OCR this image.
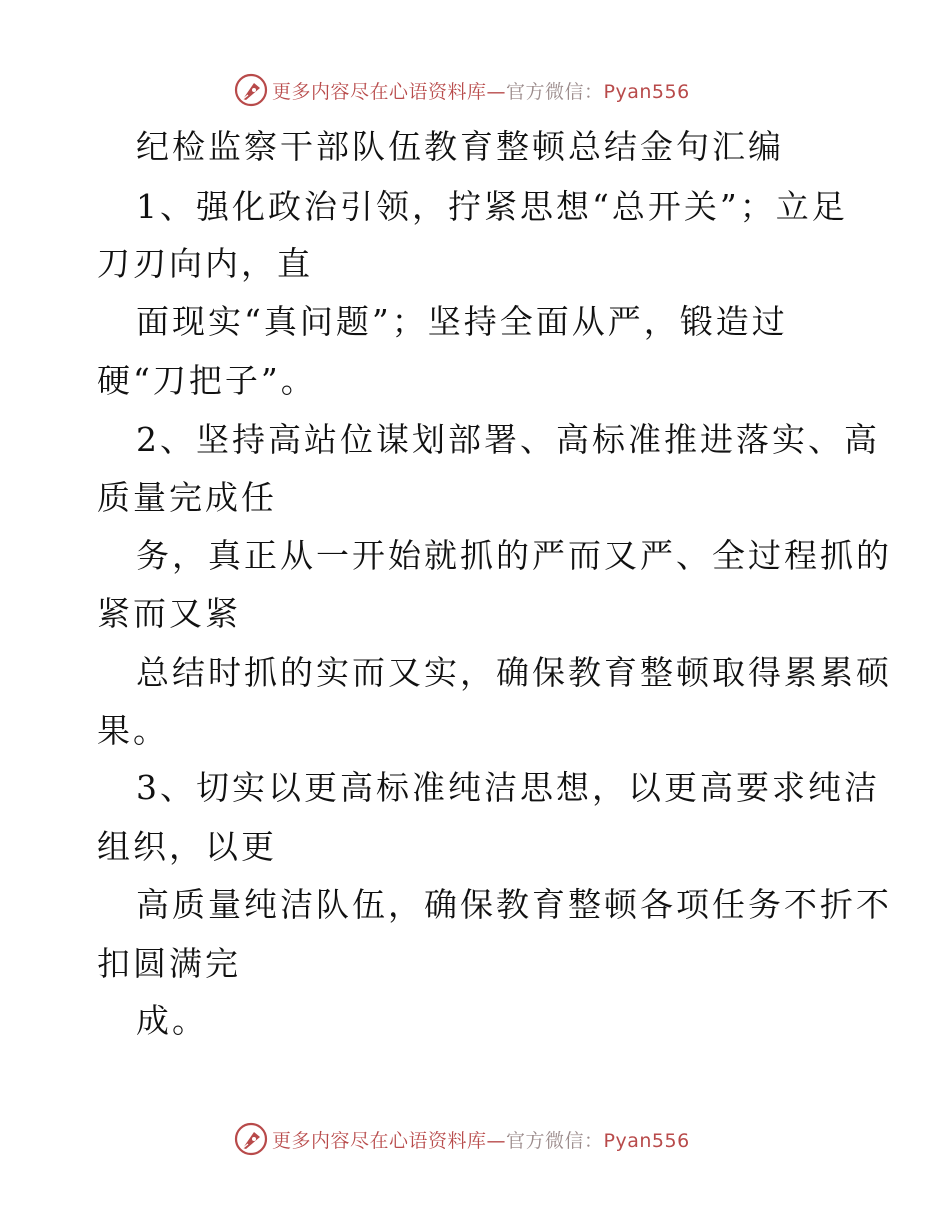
更多内容尽在心语资料库—官方微信：Pyan556

纪检监察干部队伍教育整顿总结金句汇编

1、强化政治引领，拧紧思想“总开关”；立足

刀刃向内，直

面现实“真问题”；坚持全面从严，锻造过

硬“刀把子”。

2、坚持高站位谋划部署、高标准推进落实、高

质量完成任

务，真正从一开始就抓的严而又严、全过程抓的

紧而又紧

总结时抓的实而又实，确保教育整顿取得累累硕

果。

3、切实以更高标准纯洁思想，以更高要求纯洁

组织，以更

高质量纯洁队伍，确保教育整顿各项任务不折不

扣圆满完

成。

更多内容尽在心语资料库—官方微信：Pyan556
